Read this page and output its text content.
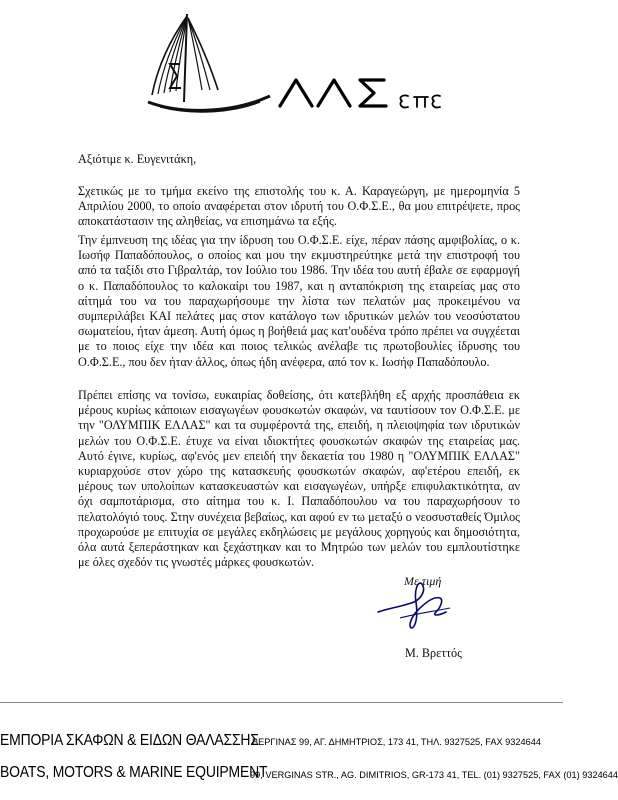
Αξιότιμε κ. Ευγενιτάκη,

Σχετικώς με το τμήμα εκείνο της επιστολής του κ. Α. Καραγεώργη, με ημερομηνία 5 Απριλίου 2000, το οποίο αναφέρεται στον ιδρυτή του Ο.Φ.Σ.Ε., θα μου επιτρέψετε, προς αποκατάστασιν της αληθείας, να επισημάνω τα εξής.

Την έμπνευση της ιδέας για την ίδρυση του Ο.Φ.Σ.Ε. είχε, πέραν πάσης αμφιβολίας, ο κ. Ιωσήφ Παπαδόπουλος, ο οποίος και μου την εκμυστηρεύτηκε μετά την επιστροφή του από τα ταξίδι στο Γιβραλτάρ, τον Ιούλιο του 1986. Την ιδέα του αυτή έβαλε σε εφαρμογή ο κ. Παπαδόπουλος το καλοκαίρι του 1987, και η ανταπόκριση της εταιρείας μας στο αίτημά του να του παραχωρήσουμε την λίστα των πελατών μας προκειμένου να συμπεριλάβει ΚΑΙ πελάτες μας στον κατάλογο των ιδρυτικών μελών του νεοσύστατου σωματείου, ήταν άμεση. Αυτή όμως η βοήθειά μας κατ'ουδένα τρόπο πρέπει να συγχέεται με το ποιος είχε την ιδέα και ποιος τελικώς ανέλαβε τις πρωτοβουλίες ίδρυσης του Ο.Φ.Σ.Ε., που δεν ήταν άλλος, όπως ήδη ανέφερα, από τον κ. Ιωσήφ Παπαδόπουλο.

Πρέπει επίσης να τονίσω, ευκαιρίας δοθείσης, ότι κατεβλήθη εξ αρχής προσπάθεια εκ μέρους κυρίως κάποιων εισαγωγέων φουσκωτών σκαφών, να ταυτίσουν τον Ο.Φ.Σ.Ε. με την "ΟΛΥΜΠΙΚ ΕΛΛΑΣ" και τα συμφέροντά της, επειδή, η πλειοψηφία των ιδρυτικών μελών του Ο.Φ.Σ.Ε. έτυχε να είναι ιδιοκτήτες φουσκωτών σκαφών της εταιρείας μας. Αυτό έγινε, κυρίως, αφ'ενός μεν επειδή την δεκαετία του 1980 η "ΟΛΥΜΠΙΚ ΕΛΛΑΣ" κυριαρχούσε στον χώρο της κατασκευής φουσκωτών σκαφών, αφ'ετέρου επειδή, εκ μέρους των υπολοίπων κατασκευαστών και εισαγωγέων, υπήρξε επιφυλακτικότητα, αν όχι σαμποτάρισμα, στο αίτημα του κ. Ι. Παπαδόπουλου να του παραχωρήσουν το πελατολόγιό τους. Στην συνέχεια βεβαίως, και αφού εν τω μεταξύ ο νεοσυσταθείς Όμιλος προχωρούσε με επιτυχία σε μεγάλες εκδηλώσεις με μεγάλους χορηγούς και δημοσιότητα, όλα αυτά ξεπεράστηκαν και ξεχάστηκαν και το Μητρώο των μελών του εμπλουτίστηκε με όλες σχεδόν τις γνωστές μάρκες φουσκωτών.

Με τιμή
Μ. Βρεττός
ΕΜΠΟΡΙΑ ΣΚΑΦΩΝ & ΕΙΔΩΝ ΘΑΛΑΣΣΗΣ
ΒΕΡΓΙΝΑΣ 99, ΑΓ. ΔΗΜΗΤΡΙΟΣ, 173 41, ΤΗΛ. 9327525, FAX 9324644
BOATS, MOTORS & MARINE EQUIPMENT
99, VERGINAS STR., AG. DIMITRIOS, GR-173 41, TEL. (01) 9327525, FAX (01) 9324644
